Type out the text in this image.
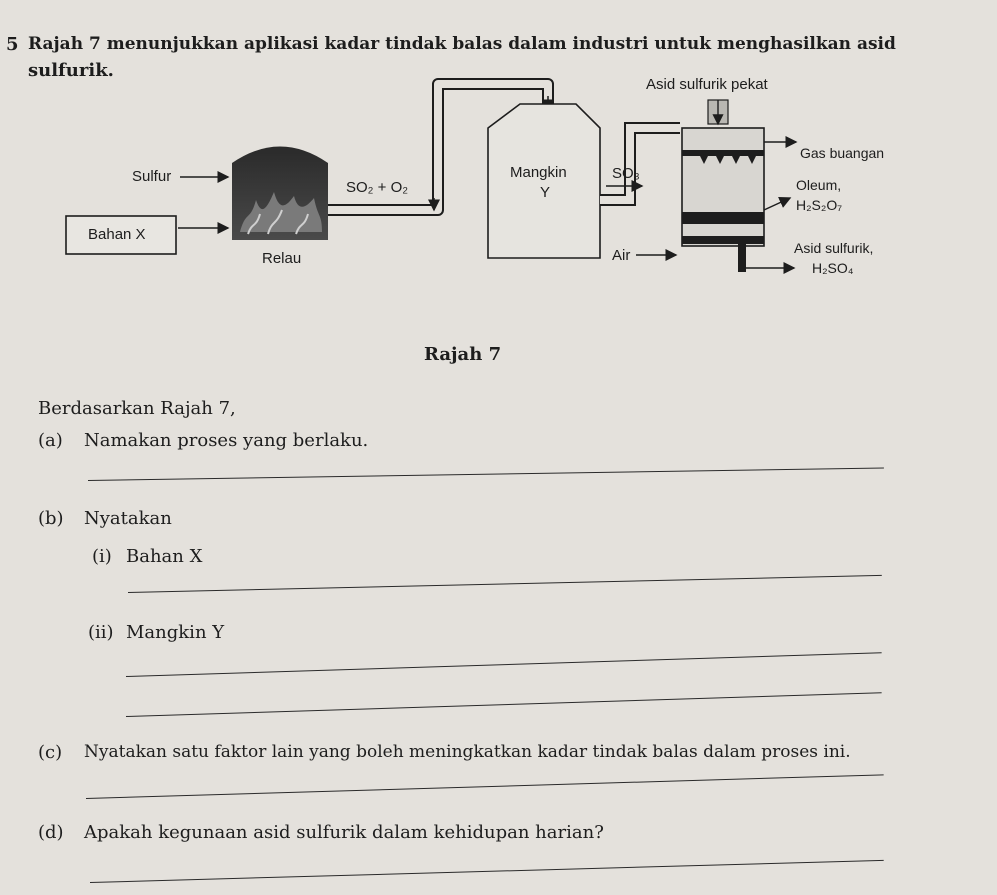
5 Rajah 7 menunjukkan aplikasi kadar tindak balas dalam industri untuk menghasilkan asid
sulfurik.
Sulfur
Bahan X
Relau
SO₂ + O₂
Mangkin
Y
SO₃
Asid sulfurik pekat
Gas buangan
Oleum,
H₂S₂O₇
Air	Asid sulfurik,
H₂SO₄
Rajah 7
Berdasarkan Rajah 7,
(a) Namakan proses yang berlaku.
(b) Nyatakan
(i) Bahan X
(ii) Mangkin Y
(c) Nyatakan satu faktor lain yang boleh meningkatkan kadar tindak balas dalam proses ini.
(d) Apakah kegunaan asid sulfurik dalam kehidupan harian?
